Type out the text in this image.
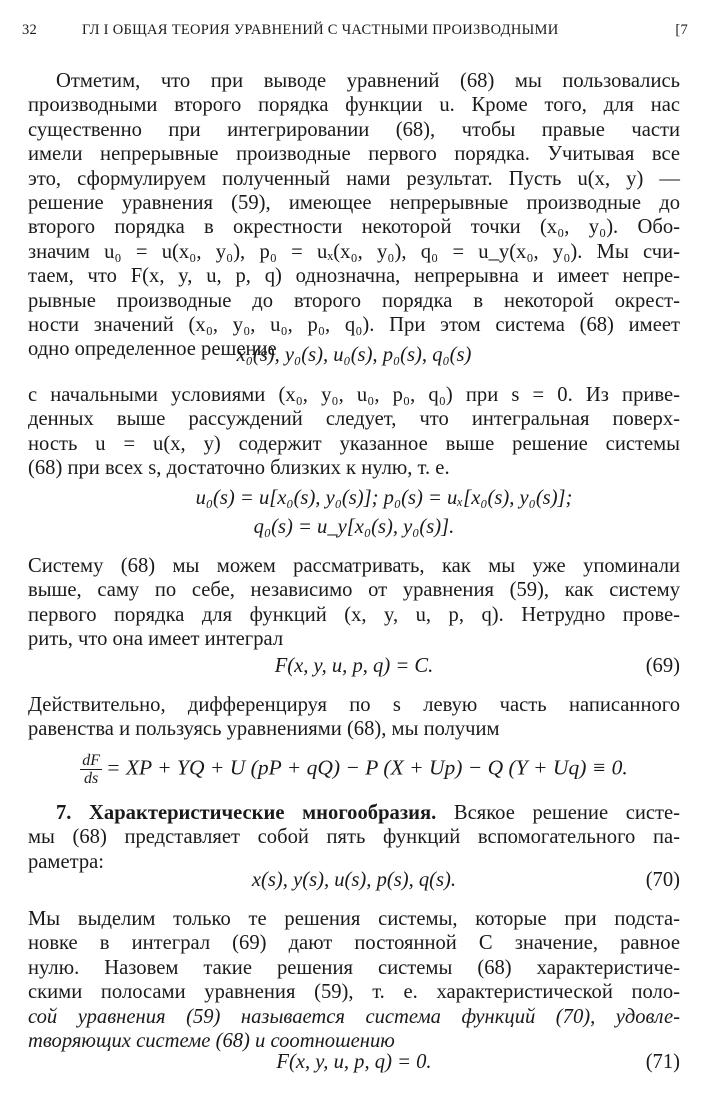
32	ГЛ I ОБЩАЯ ТЕОРИЯ УРАВНЕНИЙ С ЧАСТНЫМИ ПРОИЗВОДНЫМИ	[7
Отметим, что при выводе уравнений (68) мы пользовались
производными второго порядка функции u. Кроме того, для нас
существенно при интегрировании (68), чтобы правые части
имели непрерывные производные первого порядка. Учитывая все
это, сформулируем полученный нами результат. Пусть u(x, y) —
решение уравнения (59), имеющее непрерывные производные до
второго порядка в окрестности некоторой точки (x₀, y₀). Обо-
значим u₀ = u(x₀, y₀), p₀ = uₓ(x₀, y₀), q₀ = u_y(x₀, y₀). Мы счи-
таем, что F(x, y, u, p, q) однозначна, непрерывна и имеет непре-
рывные производные до второго порядка в некоторой окрест-
ности значений (x₀, y₀, u₀, p₀, q₀). При этом система (68) имеет
одно определенное решение
x₀(s), y₀(s), u₀(s), p₀(s), q₀(s)
с начальными условиями (x₀, y₀, u₀, p₀, q₀) при s = 0. Из приве-
денных выше рассуждений следует, что интегральная поверх-
ность u = u(x, y) содержит указанное выше решение системы
(68) при всех s, достаточно близких к нулю, т. е.
u₀(s) = u[x₀(s), y₀(s)]; p₀(s) = uₓ[x₀(s), y₀(s)];
q₀(s) = u_y[x₀(s), y₀(s)].
Систему (68) мы можем рассматривать, как мы уже упоминали
выше, саму по себе, независимо от уравнения (59), как систему
первого порядка для функций (x, y, u, p, q). Нетрудно прове-
рить, что она имеет интеграл
F(x, y, u, p, q) = C.	(69)
Действительно, дифференцируя по s левую часть написанного
равенства и пользуясь уравнениями (68), мы получим
$\frac{dF}{ds}$ = XP + YQ + U (pP + qQ) − P (X + Up) − Q (Y + Uq) ≡ 0.
7. Характеристические многообразия. Всякое решение систе-
мы (68) представляет собой пять функций вспомогательного па-
раметра:
x(s), y(s), u(s), p(s), q(s).	(70)
Мы выделим только те решения системы, которые при подста-
новке в интеграл (69) дают постоянной C значение, равное
нулю. Назовем такие решения системы (68) характеристиче-
скими полосами уравнения (59), т. е. характеристической поло-
сой уравнения (59) называется система функций (70), удовле-
творяющих системе (68) и соотношению
F(x, y, u, p, q) = 0.	(71)
